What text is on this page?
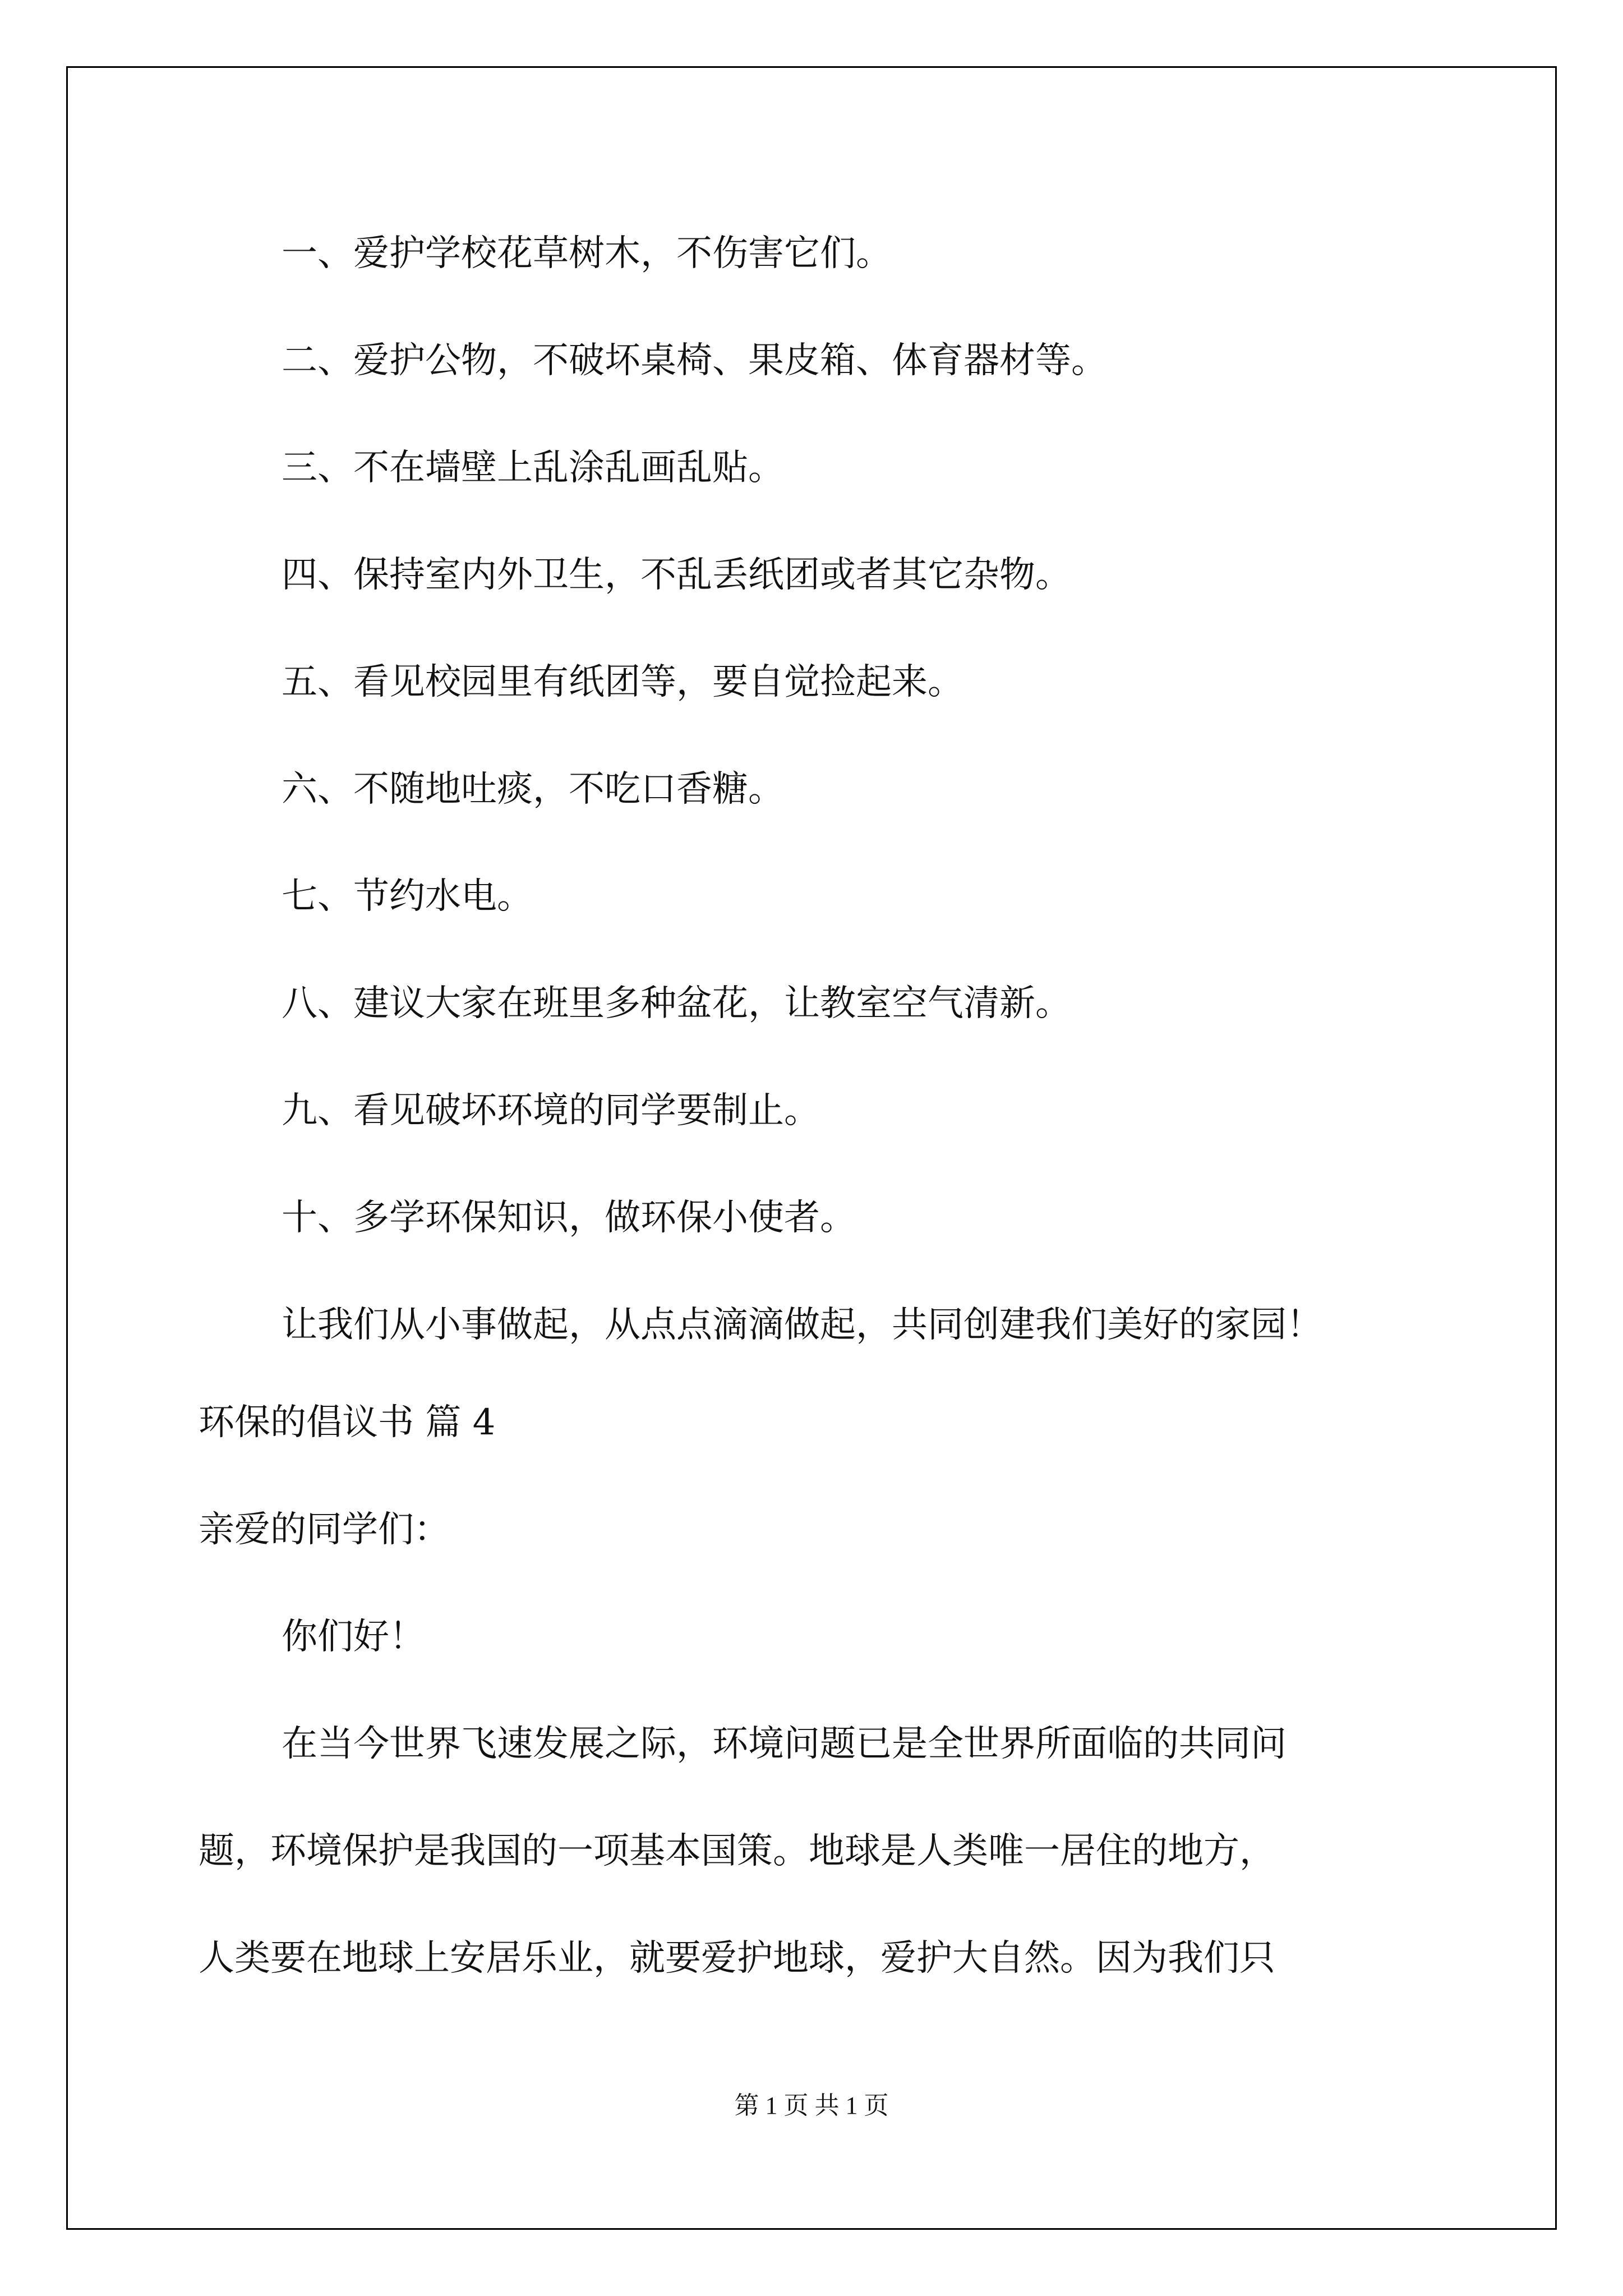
一、爱护学校花草树木，不伤害它们。
二、爱护公物，不破坏桌椅、果皮箱、体育器材等。
三、不在墙壁上乱涂乱画乱贴。
四、保持室内外卫生，不乱丢纸团或者其它杂物。
五、看见校园里有纸团等，要自觉捡起来。
六、不随地吐痰，不吃口香糖。
七、节约水电。
八、建议大家在班里多种盆花，让教室空气清新。
九、看见破坏环境的同学要制止。
十、多学环保知识，做环保小使者。
让我们从小事做起，从点点滴滴做起，共同创建我们美好的家园！
环保的倡议书 篇 4
亲爱的同学们：
你们好！
在当今世界飞速发展之际，环境问题已是全世界所面临的共同问
题，环境保护是我国的一项基本国策。地球是人类唯一居住的地方，
人类要在地球上安居乐业，就要爱护地球，爱护大自然。因为我们只
第 1 页 共 1 页
